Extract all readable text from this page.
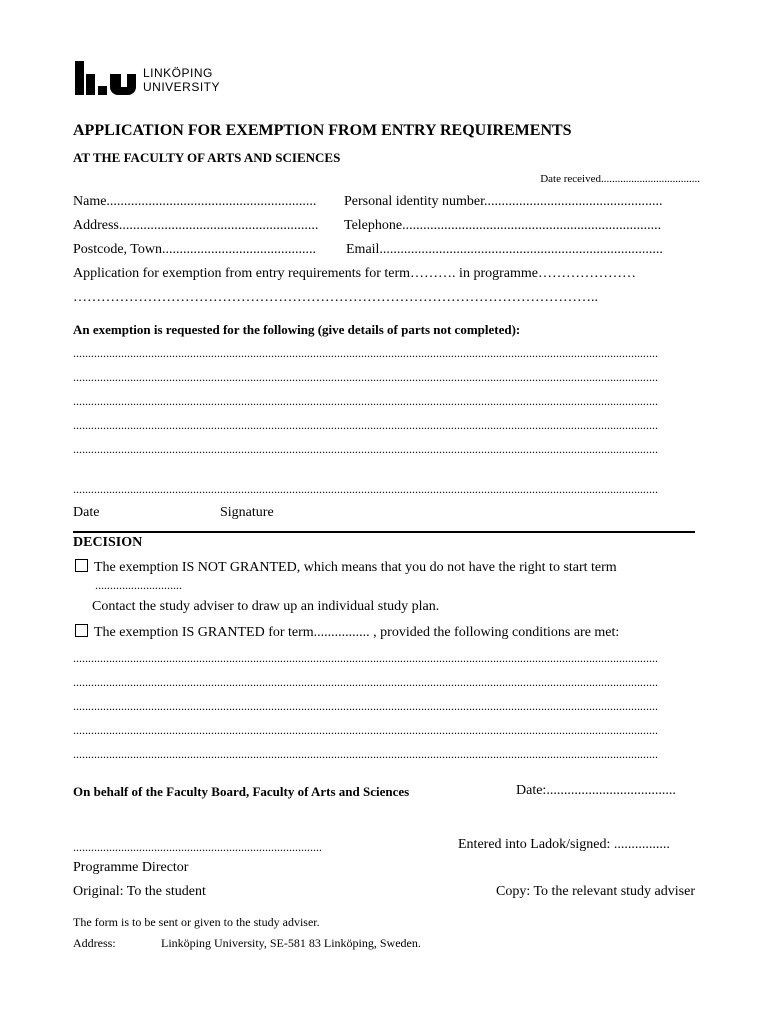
LINKÖPING
UNIVERSITY
APPLICATION FOR EXEMPTION FROM ENTRY REQUIREMENTS
AT THE FACULTY OF ARTS AND SCIENCES
Date received....................................
Name............................................................ Personal identity number...................................................
Address......................................................... Telephone..........................................................................
Postcode, Town............................................ Email.................................................................................
Application for exemption from entry requirements for term………. in programme…………………
…………………………………………………………………………………………………..
An exemption is requested for the following (give details of parts not completed):
...................................................................................................................................................................................................
...................................................................................................................................................................................................
...................................................................................................................................................................................................
...................................................................................................................................................................................................
...................................................................................................................................................................................................
...................................................................................................................................................................................................
Date	Signature
DECISION
The exemption IS NOT GRANTED, which means that you do not have the right to start term
.............................
Contact the study adviser to draw up an individual study plan.
The exemption IS GRANTED for term................ , provided the following conditions are met:
...................................................................................................................................................................................................
...................................................................................................................................................................................................
...................................................................................................................................................................................................
...................................................................................................................................................................................................
...................................................................................................................................................................................................
On behalf of the Faculty Board, Faculty of Arts and Sciences	Date:.....................................
...................................................................................	Entered into Ladok/signed: ................
Programme Director
Original: To the student	Copy: To the relevant study adviser
The form is to be sent or given to the study adviser.
Address:	Linköping University, SE-581 83 Linköping, Sweden.
